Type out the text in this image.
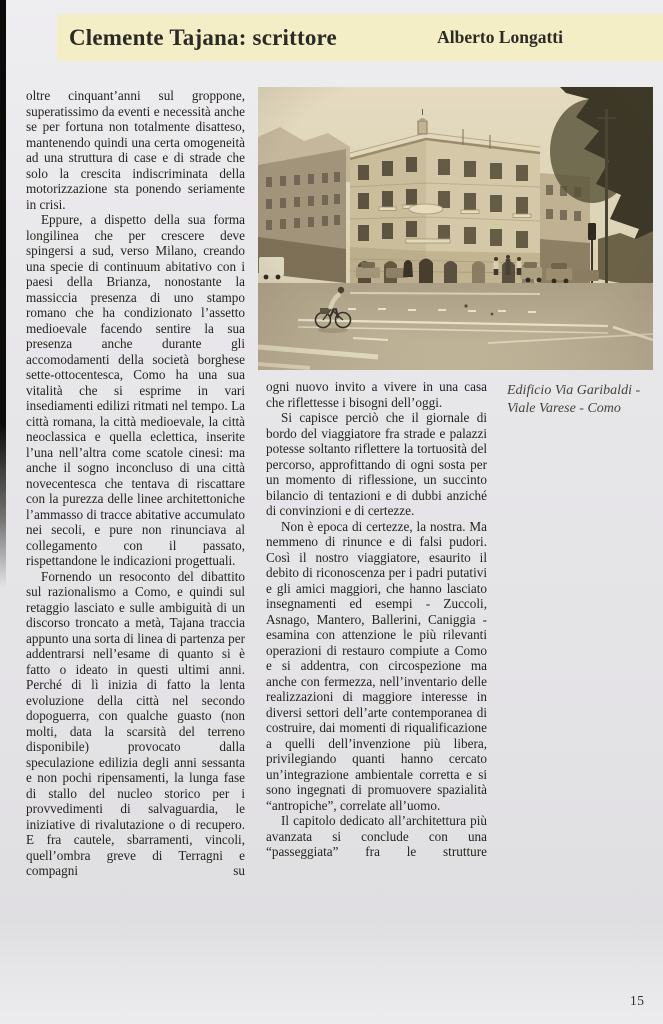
Clemente Tajana: scrittore	Alberto Longatti

oltre cinquant’anni sul groppone, superatissimo da eventi e necessità anche se per fortuna non totalmente disatteso, mantenendo quindi una certa omogeneità ad una struttura di case e di strade che solo la crescita indiscriminata della motorizzazione sta ponendo seriamente in crisi.

Eppure, a dispetto della sua forma longilinea che per crescere deve spingersi a sud, verso Milano, creando una specie di continuum abitativo con i paesi della Brianza, nonostante la massiccia presenza di uno stampo romano che ha condizionato l’assetto medioevale facendo sentire la sua presenza anche durante gli accomodamenti della società borghese sette-ottocentesca, Como ha una sua vitalità che si esprime in vari insediamenti edilizi ritmati nel tempo. La città romana, la città medioevale, la città neoclassica e quella eclettica, inserite l’una nell’altra come scatole cinesi: ma anche il sogno inconcluso di una città novecentesca che tentava di riscattare con la purezza delle linee architettoniche l’ammasso di tracce abitative accumulato nei secoli, e pure non rinunciava al collegamento con il passato, rispettandone le indicazioni progettuali.

Fornendo un resoconto del dibattito sul razionalismo a Como, e quindi sul retaggio lasciato e sulle ambiguità di un discorso troncato a metà, Tajana traccia appunto una sorta di linea di partenza per addentrarsi nell’esame di quanto si è fatto o ideato in questi ultimi anni. Perché di lì inizia di fatto la lenta evoluzione della città nel secondo dopoguerra, con qualche guasto (non molti, data la scarsità del terreno disponibile) provocato dalla speculazione edilizia degli anni sessanta e non pochi ripensamenti, la lunga fase di stallo del nucleo storico per i provvedimenti di salvaguardia, le iniziative di rivalutazione o di recupero. E fra cautele, sbarramenti, vincoli, quell’ombra greve di Terragni e compagni su

Edificio Via Garibaldi -
Viale Varese - Como

ogni nuovo invito a vivere in una casa che riflettesse i bisogni dell’oggi.

Si capisce perciò che il giornale di bordo del viaggiatore fra strade e palazzi potesse soltanto riflettere la tortuosità del percorso, approfittando di ogni sosta per un momento di riflessione, un succinto bilancio di tentazioni e di dubbi anziché di convinzioni e di certezze.

Non è epoca di certezze, la nostra. Ma nemmeno di rinunce e di falsi pudori. Così il nostro viaggiatore, esaurito il debito di riconoscenza per i padri putativi e gli amici maggiori, che hanno lasciato insegnamenti ed esempi - Zuccoli, Asnago, Mantero, Ballerini, Caniggia - esamina con attenzione le più rilevanti operazioni di restauro compiute a Como e si addentra, con circospezione ma anche con fermezza, nell’inventario delle realizzazioni di maggiore interesse in diversi settori dell’arte contemporanea di costruire, dai momenti di riqualificazione a quelli dell’invenzione più libera, privilegiando quanti hanno cercato un’integrazione ambientale corretta e si sono ingegnati di promuovere spazialità “antropiche”, correlate all’uomo.

Il capitolo dedicato all’architettura più avanzata si conclude con una “passeggiata” fra le strutture

15
